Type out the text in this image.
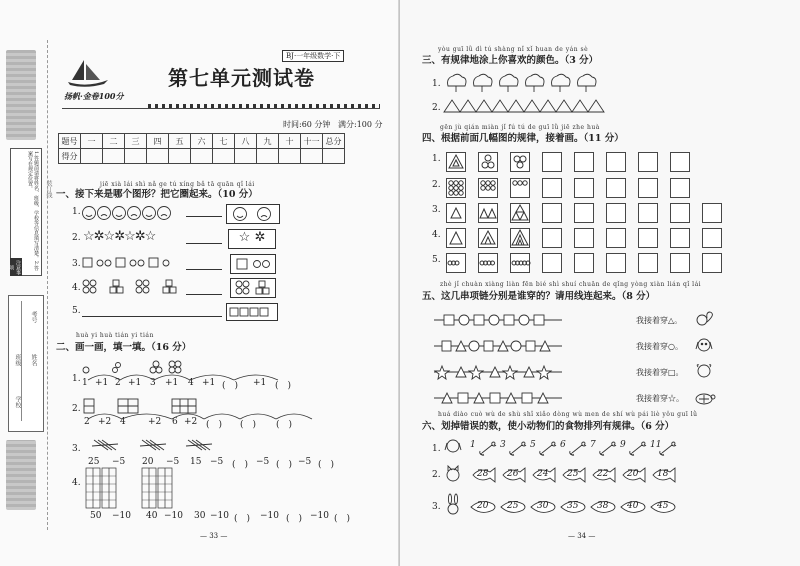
1.答题前请将姓名、班级、学校等信息填写清楚。2.答案写在规定位置。
注意事项
学校
班级 姓名
考号
装订线
扬帆·金卷100分
第七单元测试卷
BJ·一年级数学·下
时间:60 分钟 满分:100 分
题号	一	二	三	四	五	六	七	八	九	十	十一	总分
得分												
jiē xià lái shì nǎ ge tú xíng bǎ tā quān qǐ lái
一、接下来是哪个图形？把它圈起来。（10 分）
1.
2. ☆✲☆✲☆✲☆	☆ ✲
3.
4.
5.
huà yi huà tián yi tián
二、画一画，填一填。（16 分）
1. 1 +1 2 +1 3 +1 4 +1 (　) +1 (　)
2.
2 +2 4 +2 6 +2 (　) (　) (　)
3.
25 −5 20 −5 15 −5 (　) −5 (　) −5 (　)
4.
50 −10 40 −10 30 −10 (　) −10 (　) −10 (　)
— 33 —
yòu guī lǜ dì tú shàng nǐ xǐ huan de yán sè
三、有规律地涂上你喜欢的颜色。（3 分）
1.
2.
gēn jù qián miàn jǐ fú tú de guī lǜ jiē zhe huà
四、根据前面几幅图的规律，接着画。（11 分）
1.
2.
3.
4.
5.
zhè jǐ chuàn xiàng liàn fēn bié shì shuí chuān de qǐng yòng xiàn lián qǐ lái
五、这几串项链分别是谁穿的？请用线连起来。（8 分）
我接着穿△。
我接着穿○。
我接着穿□。
我接着穿☆。
huá diào cuò wù de shù shǐ xiǎo dòng wù men de shí wù pái liè yǒu guī lǜ
六、划掉错误的数，使小动物们的食物排列有规律。（6 分）
1.	1	3	5	6	7	9	11
2.	28 26 24 25 22 20 18
3.	20 25 30 35 38 40 45
— 34 —
